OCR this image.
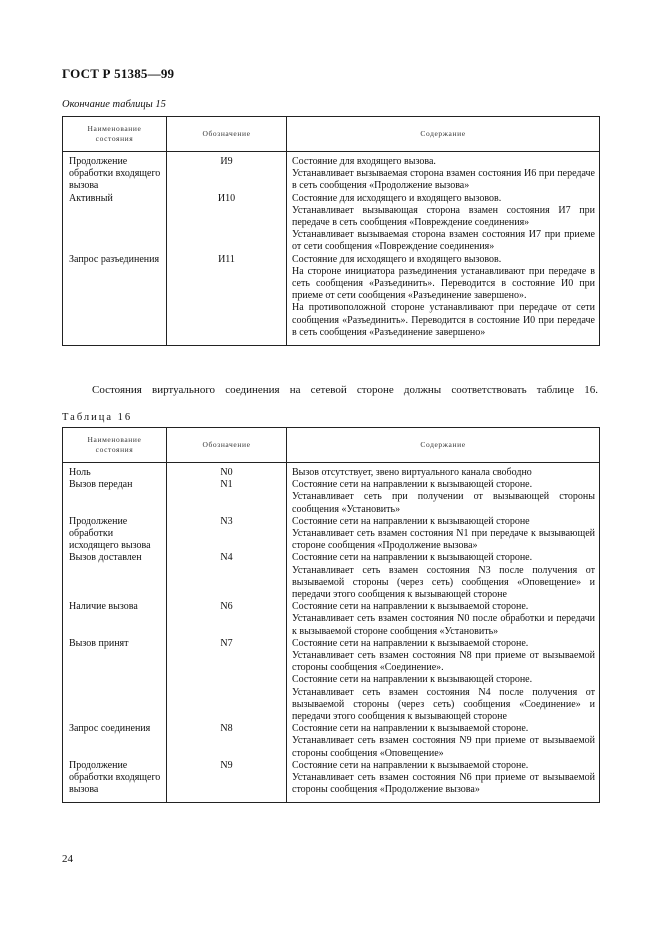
ГОСТ Р 51385—99
Окончание таблицы 15
Наименование
состояния	Обозначение	Содержание
Продолжение обработки входящего вызова	И9	Состояние для входящего вызова.
Устанавливает вызываемая сторона взамен состояния И6 при передаче в сеть сообщения «Продолжение вызова»
Активный	И10	Состояние для исходящего и входящего вызовов.
Устанавливает вызывающая сторона взамен состояния И7 при передаче в сеть сообщения «Повреждение соединения»
Устанавливает вызываемая сторона взамен состояния И7 при приеме от сети сообщения «Повреждение соединения»
Запрос разъединения	И11	Состояние для исходящего и входящего вызовов.
На стороне инициатора разъединения устанавливают при передаче в сеть сообщения «Разъединить». Переводится в состояние И0 при приеме от сети сообщения «Разъединение завершено».
На противоположной стороне устанавливают при передаче от сети сообщения «Разъединить». Переводится в состояние И0 при передаче в сеть сообщения «Разъединение завершено»
Состояния виртуального соединения на сетевой стороне должны соответствовать таблице 16.
Таблица 16
Наименование
состояния	Обозначение	Содержание
Ноль	N0	Вызов отсутствует, звено виртуального канала свободно
Вызов передан	N1	Состояние сети на направлении к вызывающей стороне.
Устанавливает сеть при получении от вызывающей стороны сообщения «Установить»
Продолжение обработки исходящего вызова	N3	Состояние сети на направлении к вызывающей стороне
Устанавливает сеть взамен состояния N1 при передаче к вызывающей стороне сообщения «Продолжение вызова»
Вызов доставлен	N4	Состояние сети на направлении к вызывающей стороне.
Устанавливает сеть взамен состояния N3 после получения от вызываемой стороны (через сеть) сообщения «Оповещение» и передачи этого сообщения к вызывающей стороне
Наличие вызова	N6	Состояние сети на направлении к вызываемой стороне.
Устанавливает сеть взамен состояния N0 после обработки и передачи к вызываемой стороне сообщения «Установить»
Вызов принят	N7	Состояние сети на направлении к вызываемой стороне.
Устанавливает сеть взамен состояния N8 при приеме от вызываемой стороны сообщения «Соединение».
Состояние сети на направлении к вызывающей стороне.
Устанавливает сеть взамен состояния N4 после получения от вызываемой стороны (через сеть) сообщения «Соединение» и передачи этого сообщения к вызывающей стороне
Запрос соединения	N8	Состояние сети на направлении к вызываемой стороне.
Устанавливает сеть взамен состояния N9 при приеме от вызываемой стороны сообщения «Оповещение»
Продолжение обработки входящего вызова	N9	Состояние сети на направлении к вызываемой стороне.
Устанавливает сеть взамен состояния N6 при приеме от вызываемой стороны сообщения «Продолжение вызова»
24
